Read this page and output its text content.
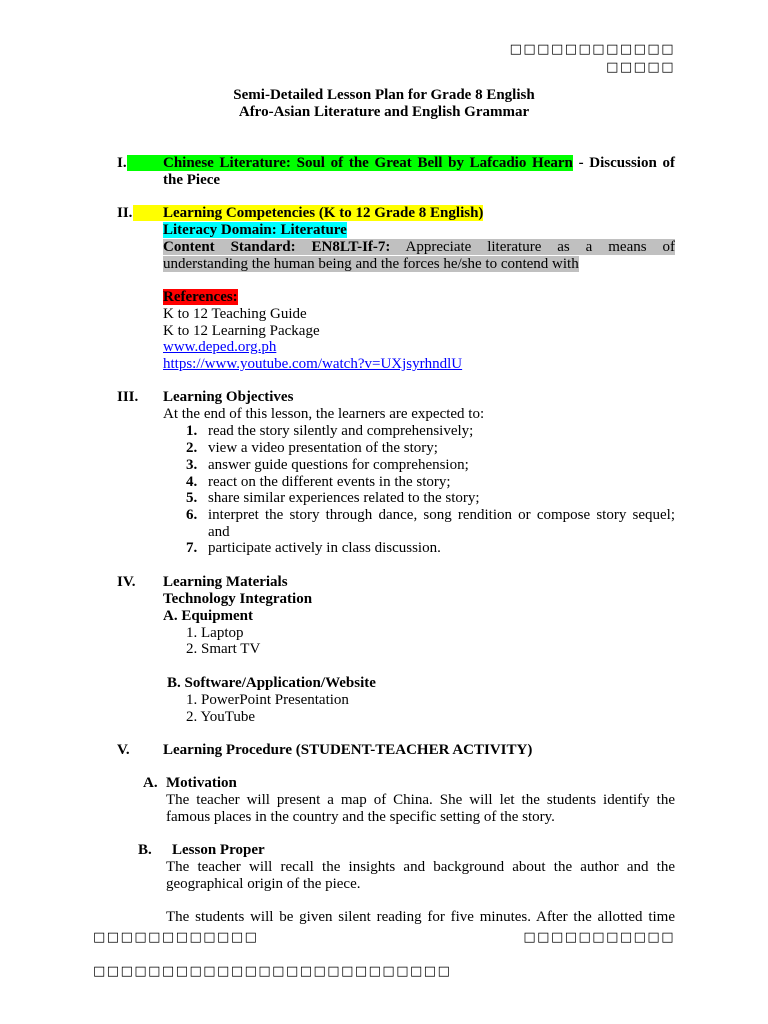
□□□□□□□□□□□□
□□□□□
Semi-Detailed Lesson Plan for Grade 8 English
Afro-Asian Literature and English Grammar
I. Chinese Literature: Soul of the Great Bell by Lafcadio Hearn - Discussion of
the Piece
II. Learning Competencies (K to 12 Grade 8 English)
Literacy Domain: Literature
Content Standard: EN8LT-If-7: Appreciate literature as a means of
understanding the human being and the forces he/she to contend with
References:
K to 12 Teaching Guide
K to 12 Learning Package
www.deped.org.ph
https://www.youtube.com/watch?v=UXjsyrhndlU
III. Learning Objectives
At the end of this lesson, the learners are expected to:
1. read the story silently and comprehensively;
2. view a video presentation of the story;
3. answer guide questions for comprehension;
4. react on the different events in the story;
5. share similar experiences related to the story;
6. interpret the story through dance, song rendition or compose story sequel;
and
7. participate actively in class discussion.
IV. Learning Materials
Technology Integration
A. Equipment
1. Laptop
2. Smart TV
B. Software/Application/Website
1. PowerPoint Presentation
2. YouTube
V. Learning Procedure (STUDENT-TEACHER ACTIVITY)
A. Motivation
The teacher will present a map of China. She will let the students identify the
famous places in the country and the specific setting of the story.
B. Lesson Proper
The teacher will recall the insights and background about the author and the
geographical origin of the piece.
The students will be given silent reading for five minutes. After the allotted time
□□□□□□□□□□□□	□□□□□□□□□□□
□□□□□□□□□□□□□□□□□□□□□□□□□□
